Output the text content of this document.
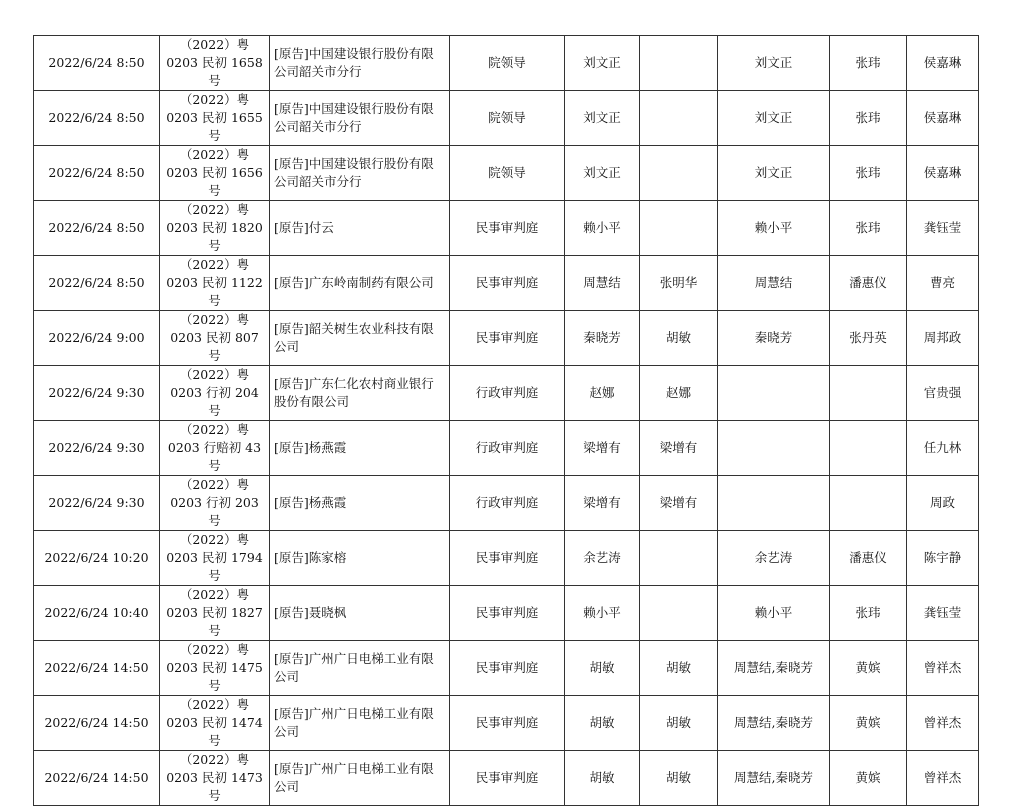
2022/6/24 8:50	（2022）粤 0203 民初 1658 号	[原告]中国建设银行股份有限公司韶关市分行	院领导	刘文正		刘文正	张玮	侯嘉琳
2022/6/24 8:50	（2022）粤 0203 民初 1655 号	[原告]中国建设银行股份有限公司韶关市分行	院领导	刘文正		刘文正	张玮	侯嘉琳
2022/6/24 8:50	（2022）粤 0203 民初 1656 号	[原告]中国建设银行股份有限公司韶关市分行	院领导	刘文正		刘文正	张玮	侯嘉琳
2022/6/24 8:50	（2022）粤 0203 民初 1820 号	[原告]付云	民事审判庭	赖小平		赖小平	张玮	龚钰莹
2022/6/24 8:50	（2022）粤 0203 民初 1122 号	[原告]广东岭南制药有限公司	民事审判庭	周慧结	张明华	周慧结	潘惠仪	曹亮
2022/6/24 9:00	（2022）粤 0203 民初 807 号	[原告]韶关树生农业科技有限公司	民事审判庭	秦晓芳	胡敏	秦晓芳	张丹英	周邦政
2022/6/24 9:30	（2022）粤 0203 行初 204 号	[原告]广东仁化农村商业银行股份有限公司	行政审判庭	赵娜	赵娜			官贵强
2022/6/24 9:30	（2022）粤 0203 行赔初 43 号	[原告]杨燕霞	行政审判庭	梁增有	梁增有			任九林
2022/6/24 9:30	（2022）粤 0203 行初 203 号	[原告]杨燕霞	行政审判庭	梁增有	梁增有			周政
2022/6/24 10:20	（2022）粤 0203 民初 1794 号	[原告]陈家榕	民事审判庭	余艺涛		余艺涛	潘惠仪	陈宇静
2022/6/24 10:40	（2022）粤 0203 民初 1827 号	[原告]聂晓枫	民事审判庭	赖小平		赖小平	张玮	龚钰莹
2022/6/24 14:50	（2022）粤 0203 民初 1475 号	[原告]广州广日电梯工业有限公司	民事审判庭	胡敏	胡敏	周慧结,秦晓芳	黄嫔	曾祥杰
2022/6/24 14:50	（2022）粤 0203 民初 1474 号	[原告]广州广日电梯工业有限公司	民事审判庭	胡敏	胡敏	周慧结,秦晓芳	黄嫔	曾祥杰
2022/6/24 14:50	（2022）粤 0203 民初 1473 号	[原告]广州广日电梯工业有限公司	民事审判庭	胡敏	胡敏	周慧结,秦晓芳	黄嫔	曾祥杰
